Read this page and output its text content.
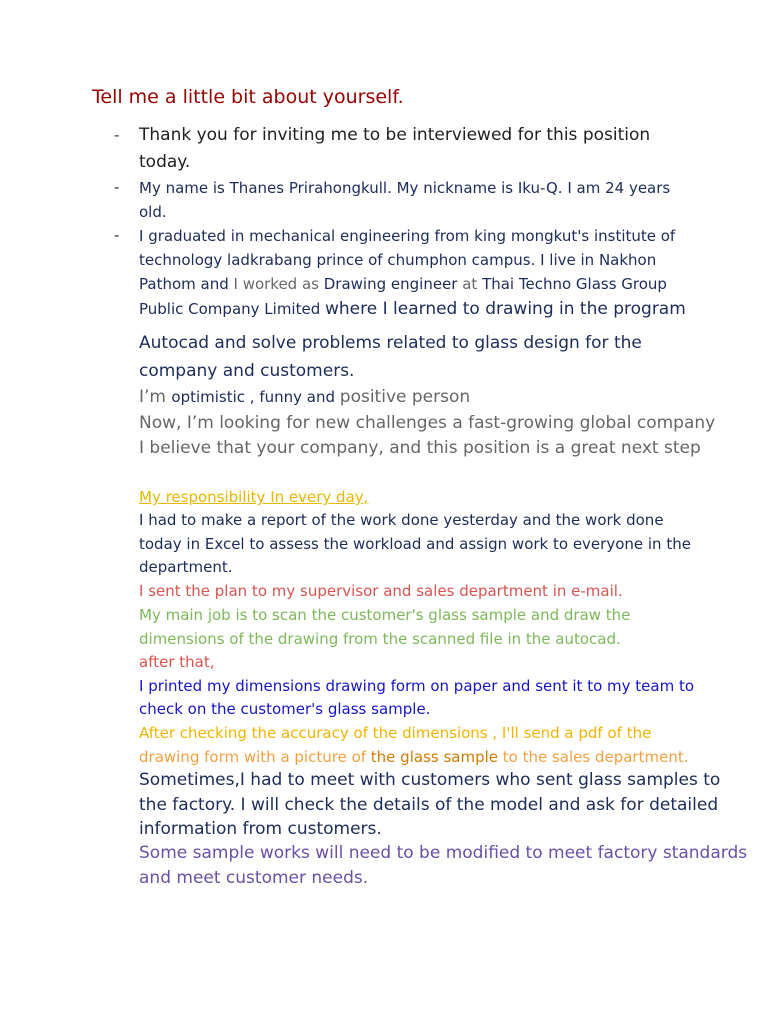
Tell me a little bit about yourself.
- Thank you for inviting me to be interviewed for this position
today.
- My name is Thanes Prirahongkull. My nickname is Iku-Q. I am 24 years
old.
- I graduated in mechanical engineering from king mongkut's institute of
technology ladkrabang prince of chumphon campus. I live in Nakhon
Pathom and I worked as Drawing engineer at Thai Techno Glass Group
Public Company Limited where I learned to drawing in the program
Autocad and solve problems related to glass design for the
company and customers.
I’m optimistic , funny and positive person
Now, I’m looking for new challenges a fast-growing global company
I believe that your company, and this position is a great next step
My responsibility In every day,
I had to make a report of the work done yesterday and the work done
today in Excel to assess the workload and assign work to everyone in the
department.
I sent the plan to my supervisor and sales department in e-mail.
My main job is to scan the customer's glass sample and draw the
dimensions of the drawing from the scanned file in the autocad.
after that,
I printed my dimensions drawing form on paper and sent it to my team to
check on the customer's glass sample.
After checking the accuracy of the dimensions , I'll send a pdf of the
drawing form with a picture of the glass sample to the sales department.
Sometimes,I had to meet with customers who sent glass samples to
the factory. I will check the details of the model and ask for detailed
information from customers.
Some sample works will need to be modified to meet factory standards
and meet customer needs.
